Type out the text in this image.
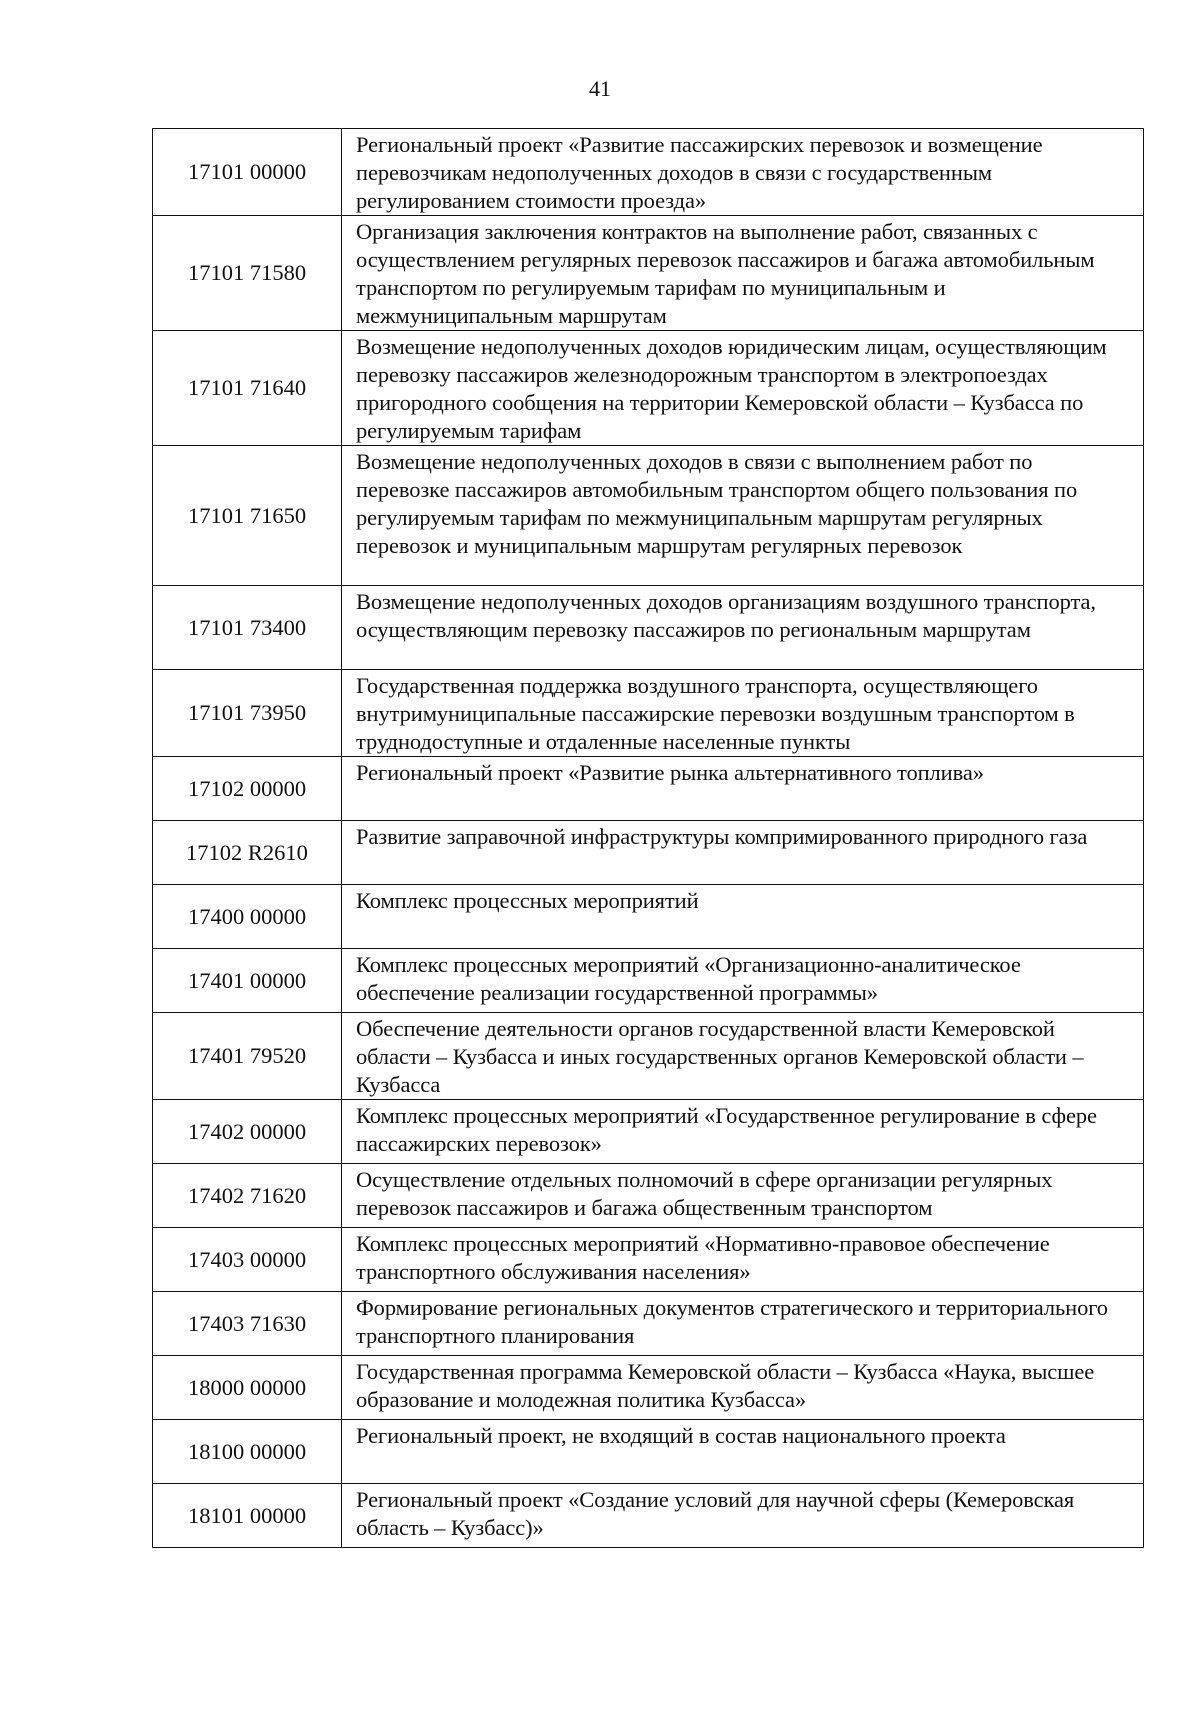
41
17101 00000	Региональный проект «Развитие пассажирских перевозок и возмещение перевозчикам недополученных доходов в связи с государственным регулированием стоимости проезда»
17101 71580	Организация заключения контрактов на выполнение работ, связанных с осуществлением регулярных перевозок пассажиров и багажа автомобильным транспортом по регулируемым тарифам по муниципальным и межмуниципальным маршрутам
17101 71640	Возмещение недополученных доходов юридическим лицам, осуществляющим перевозку пассажиров железнодорожным транспортом в электропоездах пригородного сообщения на территории Кемеровской области – Кузбасса по регулируемым тарифам
17101 71650	Возмещение недополученных доходов в связи с выполнением работ по перевозке пассажиров автомобильным транспортом общего пользования по регулируемым тарифам по межмуниципальным маршрутам регулярных перевозок и муниципальным маршрутам регулярных перевозок
17101 73400	Возмещение недополученных доходов организациям воздушного транспорта, осуществляющим перевозку пассажиров по региональным маршрутам
17101 73950	Государственная поддержка воздушного транспорта, осуществляющего внутримуниципальные пассажирские перевозки воздушным транспортом в труднодоступные и отдаленные населенные пункты
17102 00000	Региональный проект «Развитие рынка альтернативного топлива»
17102 R2610	Развитие заправочной инфраструктуры компримированного природного газа
17400 00000	Комплекс процессных мероприятий
17401 00000	Комплекс процессных мероприятий «Организационно-аналитическое обеспечение реализации государственной программы»
17401 79520	Обеспечение деятельности органов государственной власти Кемеровской области – Кузбасса и иных государственных органов Кемеровской области – Кузбасса
17402 00000	Комплекс процессных мероприятий «Государственное регулирование в сфере пассажирских перевозок»
17402 71620	Осуществление отдельных полномочий в сфере организации регулярных перевозок пассажиров и багажа общественным транспортом
17403 00000	Комплекс процессных мероприятий «Нормативно-правовое обеспечение транспортного обслуживания населения»
17403 71630	Формирование региональных документов стратегического и территориального транспортного планирования
18000 00000	Государственная программа Кемеровской области – Кузбасса «Наука, высшее образование и молодежная политика Кузбасса»
18100 00000	Региональный проект, не входящий в состав национального проекта
18101 00000	Региональный проект «Создание условий для научной сферы (Кемеровская область – Кузбасс)»
